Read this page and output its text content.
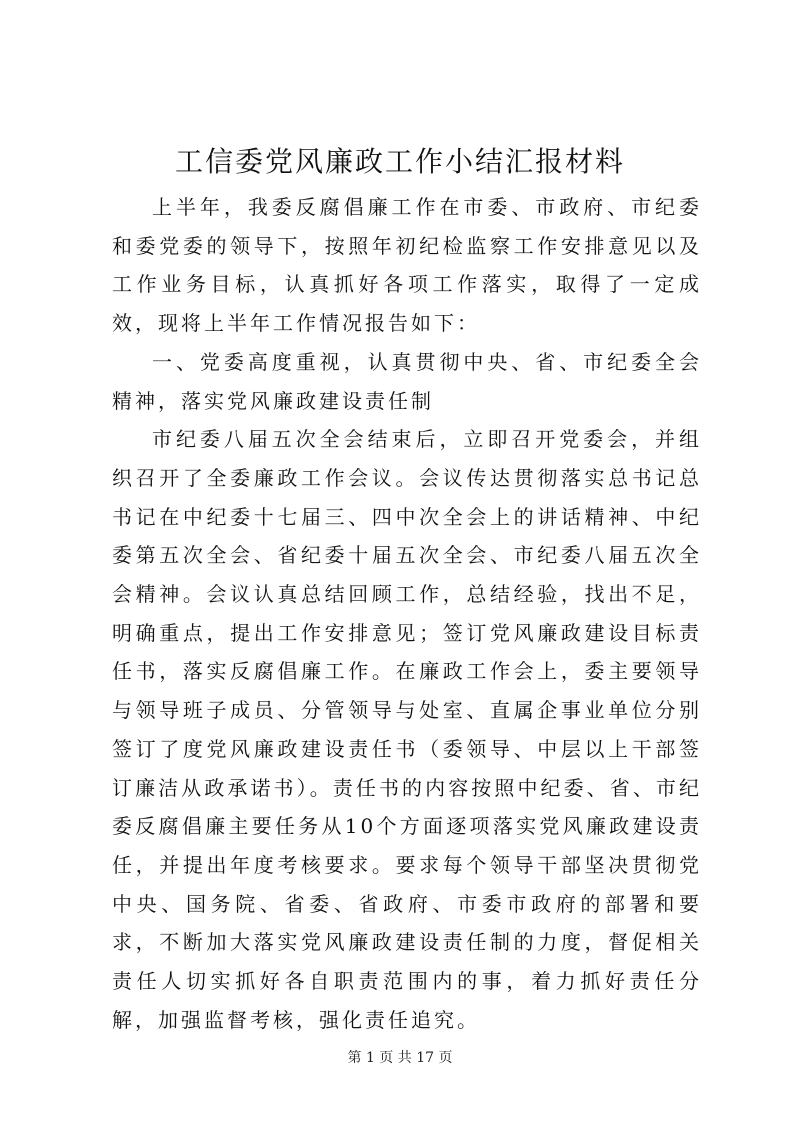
工信委党风廉政工作小结汇报材料

上半年，我委反腐倡廉工作在市委、市政府、市纪委和委党委的领导下，按照年初纪检监察工作安排意见以及工作业务目标，认真抓好各项工作落实，取得了一定成效，现将上半年工作情况报告如下：

一、党委高度重视，认真贯彻中央、省、市纪委全会精神，落实党风廉政建设责任制

市纪委八届五次全会结束后，立即召开党委会，并组织召开了全委廉政工作会议。会议传达贯彻落实总书记总书记在中纪委十七届三、四中次全会上的讲话精神、中纪委第五次全会、省纪委十届五次全会、市纪委八届五次全会精神。会议认真总结回顾工作，总结经验，找出不足，明确重点，提出工作安排意见；签订党风廉政建设目标责任书，落实反腐倡廉工作。在廉政工作会上，委主要领导与领导班子成员、分管领导与处室、直属企事业单位分别签订了度党风廉政建设责任书（委领导、中层以上干部签订廉洁从政承诺书）。责任书的内容按照中纪委、省、市纪委反腐倡廉主要任务从10个方面逐项落实党风廉政建设责任，并提出年度考核要求。要求每个领导干部坚决贯彻党中央、国务院、省委、省政府、市委市政府的部署和要求，不断加大落实党风廉政建设责任制的力度，督促相关责任人切实抓好各自职责范围内的事，着力抓好责任分解，加强监督考核，强化责任追究。

第 1 页 共 17 页
